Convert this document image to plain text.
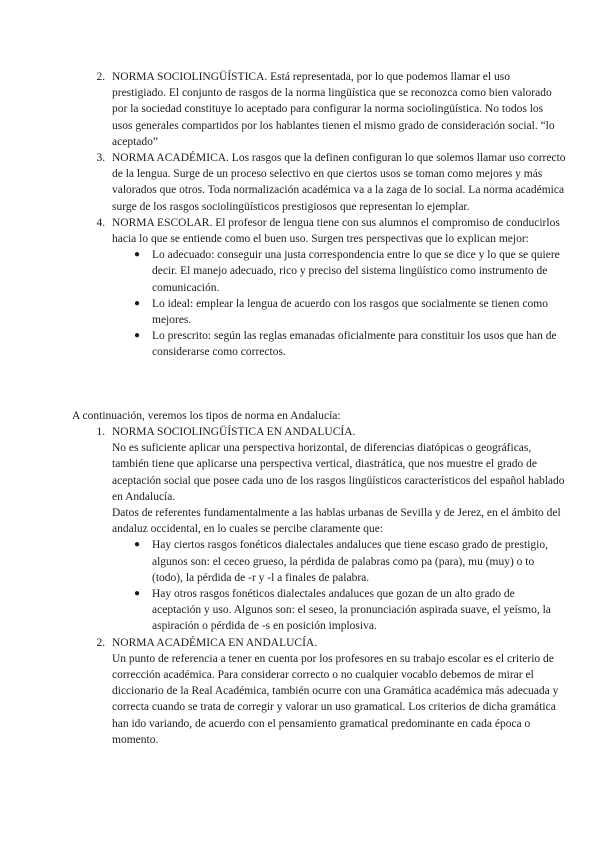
2. NORMA SOCIOLINGÜÍSTICA. Está representada, por lo que podemos llamar el uso prestigiado. El conjunto de rasgos de la norma lingüística que se reconozca como bien valorado por la sociedad constituye lo aceptado para configurar la norma sociolingüística. No todos los usos generales compartidos por los hablantes tienen el mismo grado de consideración social. “lo aceptado”
3. NORMA ACADÉMICA. Los rasgos que la definen configuran lo que solemos llamar uso correcto de la lengua. Surge de un proceso selectivo en que ciertos usos se toman como mejores y más valorados que otros. Toda normalización académica va a la zaga de lo social. La norma académica surge de los rasgos sociolingüísticos prestigiosos que representan lo ejemplar.
4. NORMA ESCOLAR. El profesor de lengua tiene con sus alumnos el compromiso de conducirlos hacia lo que se entiende como el buen uso. Surgen tres perspectivas que lo explican mejor:
● Lo adecuado: conseguir una justa correspondencia entre lo que se dice y lo que se quiere decir. El manejo adecuado, rico y preciso del sistema lingüístico como instrumento de comunicación.
● Lo ideal: emplear la lengua de acuerdo con los rasgos que socialmente se tienen como mejores.
● Lo prescrito: según las reglas emanadas oficialmente para constituir los usos que han de considerarse como correctos.

A continuación, veremos los tipos de norma en Andalucía:

1. NORMA SOCIOLINGÜÍSTICA EN ANDALUCÍA.

No es suficiente aplicar una perspectiva horizontal, de diferencias diatópicas o geográficas, también tiene que aplicarse una perspectiva vertical, diastrática, que nos muestre el grado de aceptación social que posee cada uno de los rasgos lingüísticos característicos del español hablado en Andalucía.

Datos de referentes fundamentalmente a las hablas urbanas de Sevilla y de Jerez, en el ámbito del andaluz occidental, en lo cuales se percibe claramente que:

● Hay ciertos rasgos fonéticos dialectales andaluces que tiene escaso grado de prestigio, algunos son: el ceceo grueso, la pérdida de palabras como pa (para), mu (muy) o to (todo), la pérdida de -r y -l a finales de palabra.
● Hay otros rasgos fonéticos dialectales andaluces que gozan de un alto grado de aceptación y uso. Algunos son: el seseo, la pronunciación aspirada suave, el yeísmo, la aspiración o pérdida de -s en posición implosiva.

2. NORMA ACADÉMICA EN ANDALUCÍA.

Un punto de referencia a tener en cuenta por los profesores en su trabajo escolar es el criterio de corrección académica. Para considerar correcto o no cualquier vocablo debemos de mirar el diccionario de la Real Académica, también ocurre con una Gramática académica más adecuada y correcta cuando se trata de corregir y valorar un uso gramatical. Los criterios de dicha gramática han ido variando, de acuerdo con el pensamiento gramatical predominante en cada época o momento.
